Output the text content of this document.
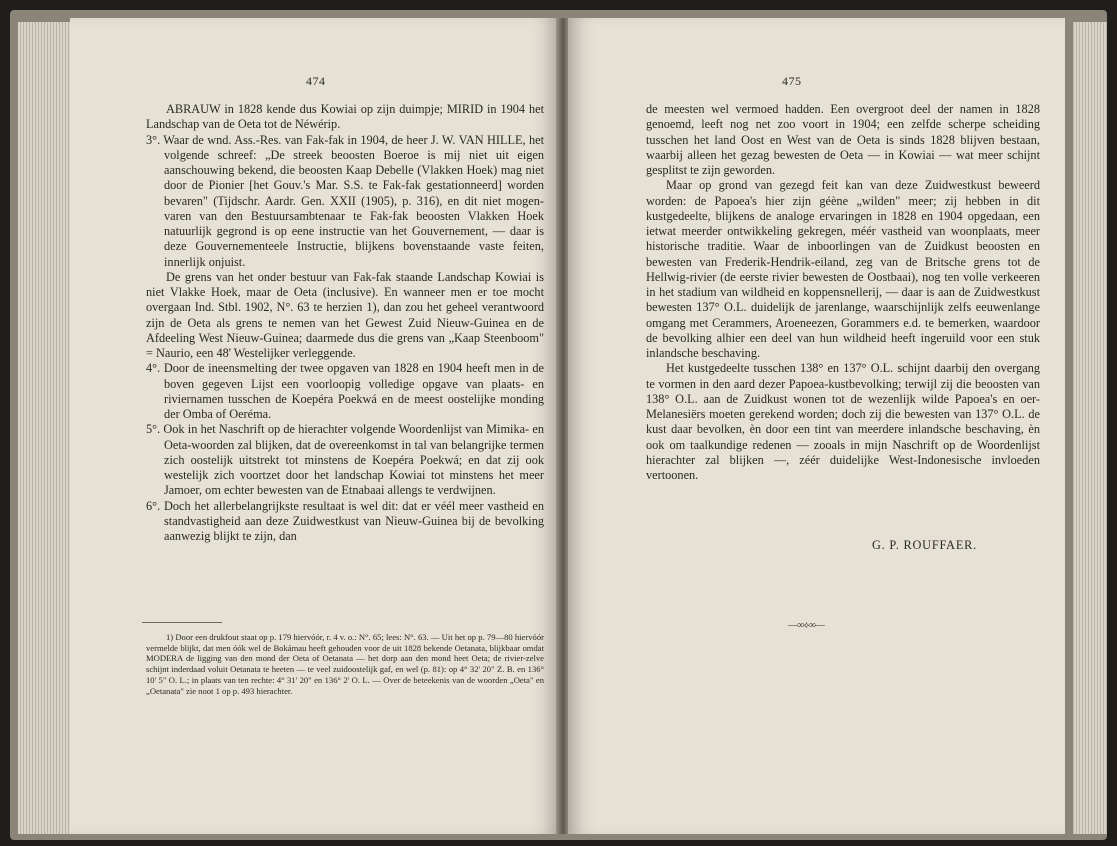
474

ABRAUW in 1828 kende dus Kowiai op zijn duimpje; MIRID in 1904 het Landschap van de Oeta tot de Néwérip.

3°. Waar de wnd. Ass.-Res. van Fak-fak in 1904, de heer J. W. VAN HILLE, het volgende schreef: „De streek beoosten Boeroe is mij niet uit eigen aanschouwing bekend, die beoosten Kaap Debelle (Vlakken Hoek) mag niet door de Pionier [het Gouv.'s Mar. S.S. te Fak-fak gestationneerd] worden bevaren" (Tijdschr. Aardr. Gen. XXII (1905), p. 316), en dit niet mogen-varen van den Bestuursambtenaar te Fak-fak beoosten Vlakken Hoek natuurlijk gegrond is op eene instructie van het Gouvernement, — daar is deze Gouvernementeele Instructie, blijkens bovenstaande vaste feiten, innerlijk onjuist.

De grens van het onder bestuur van Fak-fak staande Landschap Kowiai is niet Vlakke Hoek, maar de Oeta (inclusive). En wanneer men er toe mocht overgaan Ind. Stbl. 1902, N°. 63 te herzien 1), dan zou het geheel verantwoord zijn de Oeta als grens te nemen van het Gewest Zuid Nieuw-Guinea en de Afdeeling West Nieuw-Guinea; daarmede dus die grens van „Kaap Steenboom" = Naurio, een 48' Westelijker verleggende.

4°. Door de ineensmelting der twee opgaven van 1828 en 1904 heeft men in de boven gegeven Lijst een voorloopig volledige opgave van plaats- en riviernamen tusschen de Koepéra Poekwá en de meest oostelijke monding der Omba of Oeréma.

5°. Ook in het Naschrift op de hierachter volgende Woordenlijst van Mimika- en Oeta-woorden zal blijken, dat de overeenkomst in tal van belangrijke termen zich oostelijk uitstrekt tot minstens de Koepéra Poekwá; en dat zij ook westelijk zich voortzet door het landschap Kowiai tot minstens het meer Jamoer, om echter bewesten van de Etnabaai allengs te verdwijnen.

6°. Doch het allerbelangrijkste resultaat is wel dit: dat er véél meer vastheid en standvastigheid aan deze Zuidwestkust van Nieuw-Guinea bij de bevolking aanwezig blijkt te zijn, dan

1) Door een drukfout staat op p. 179 hiervóór, r. 4 v. o.: N°. 65; lees: N°. 63. — Uit het op p. 79—80 hiervóór vermelde blijkt, dat men óók wel de Bokámau heeft gehouden voor de uit 1828 bekende Oetanata, blijkbaar omdat MODERA de ligging van den mond der Oeta of Oetanata — het dorp aan den mond heet Oeta; de rivier-zelve schijnt inderdaad voluit Oetanata te heeten — te veel zuidoostelijk gaf, en wel (p. 81): op 4° 32' 20" Z. B. en 136° 10' 5" O. L.; in plaats van ten rechte: 4° 31' 20" en 136° 2' O. L. — Over de beteekenis van de woorden „Oeta" en „Oetanata" zie noot 1 op p. 493 hierachter.

475

de meesten wel vermoed hadden. Een overgroot deel der namen in 1828 genoemd, leeft nog net zoo voort in 1904; een zelfde scherpe scheiding tusschen het land Oost en West van de Oeta is sinds 1828 blijven bestaan, waarbij alleen het gezag bewesten de Oeta — in Kowiai — wat meer schijnt gesplitst te zijn geworden.

Maar op grond van gezegd feit kan van deze Zuidwestkust beweerd worden: de Papoea's hier zijn géène „wilden" meer; zij hebben in dit kustgedeelte, blijkens de analoge ervaringen in 1828 en 1904 opgedaan, een ietwat meerder ontwikkeling gekregen, méér vastheid van woonplaats, meer historische traditie. Waar de inboorlingen van de Zuidkust beoosten en bewesten van Frederik-Hendrik-eiland, zeg van de Britsche grens tot de Hellwig-rivier (de eerste rivier bewesten de Oostbaai), nog ten volle verkeeren in het stadium van wildheid en koppensnellerij, — daar is aan de Zuidwestkust bewesten 137° O.L. duidelijk de jarenlange, waarschijnlijk zelfs eeuwenlange omgang met Cerammers, Aroeneezen, Gorammers e.d. te bemerken, waardoor de bevolking alhier een deel van hun wildheid heeft ingeruild voor een stuk inlandsche beschaving.

Het kustgedeelte tusschen 138° en 137° O.L. schijnt daarbij den overgang te vormen in den aard dezer Papoea-kustbevolking; terwijl zij die beoosten van 138° O.L. aan de Zuidkust wonen tot de wezenlijk wilde Papoea's en oer-Melanesiërs moeten gerekend worden; doch zij die bewesten van 137° O.L. de kust daar bevolken, èn door een tint van meerdere inlandsche beschaving, èn ook om taalkundige redenen — zooals in mijn Naschrift op de Woordenlijst hierachter zal blijken —, zéér duidelijke West-Indonesische invloeden vertoonen.

G. P. ROUFFAER.
—∞⟡∞—
